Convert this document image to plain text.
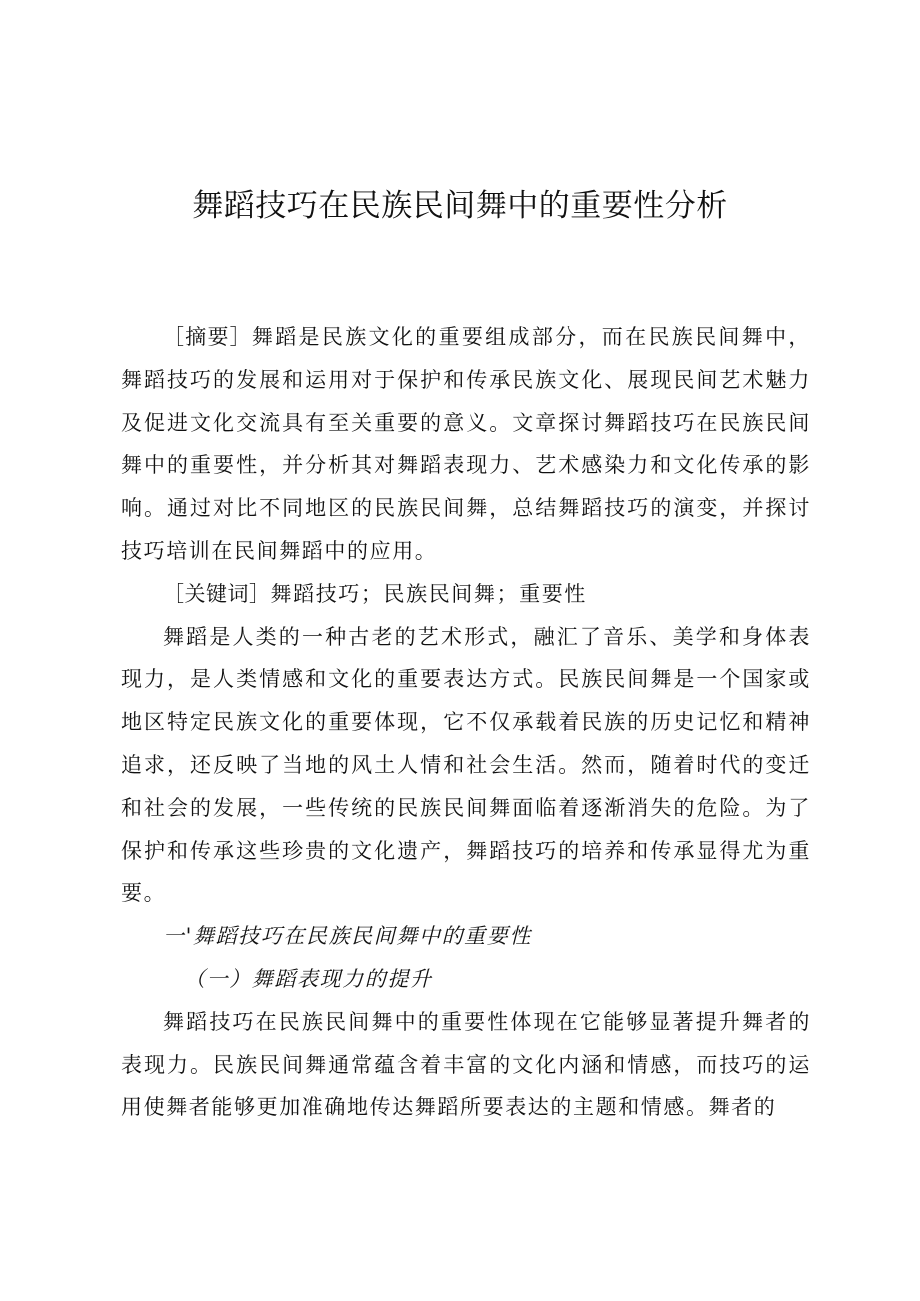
舞蹈技巧在民族民间舞中的重要性分析

［摘要］舞蹈是民族文化的重要组成部分，而在民族民间舞中，舞蹈技巧的发展和运用对于保护和传承民族文化、展现民间艺术魅力及促进文化交流具有至关重要的意义。文章探讨舞蹈技巧在民族民间舞中的重要性，并分析其对舞蹈表现力、艺术感染力和文化传承的影响。通过对比不同地区的民族民间舞，总结舞蹈技巧的演变，并探讨技巧培训在民间舞蹈中的应用。

［关键词］舞蹈技巧；民族民间舞；重要性

舞蹈是人类的一种古老的艺术形式，融汇了音乐、美学和身体表现力，是人类情感和文化的重要表达方式。民族民间舞是一个国家或地区特定民族文化的重要体现，它不仅承载着民族的历史记忆和精神追求，还反映了当地的风土人情和社会生活。然而，随着时代的变迁和社会的发展，一些传统的民族民间舞面临着逐渐消失的危险。为了保护和传承这些珍贵的文化遗产，舞蹈技巧的培养和传承显得尤为重要。

一'舞蹈技巧在民族民间舞中的重要性

（一）舞蹈表现力的提升

舞蹈技巧在民族民间舞中的重要性体现在它能够显著提升舞者的表现力。民族民间舞通常蕴含着丰富的文化内涵和情感，而技巧的运用使舞者能够更加准确地传达舞蹈所要表达的主题和情感。舞者的
